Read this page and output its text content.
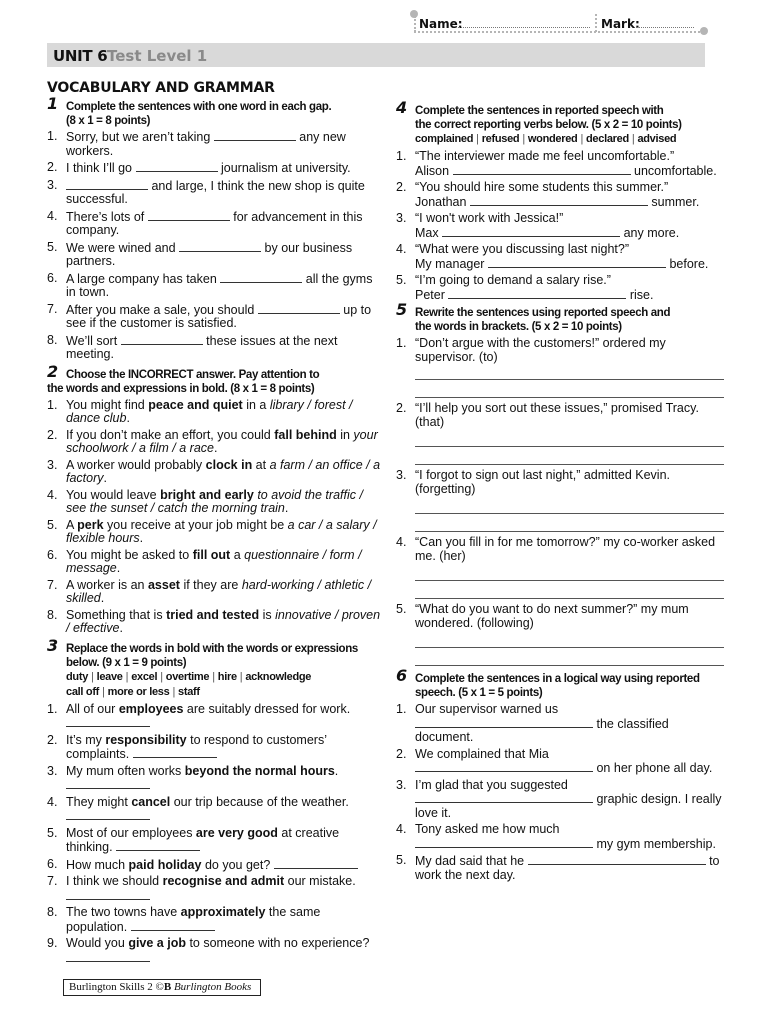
Name:	Mark:
UNIT 6 Test Level 1
VOCABULARY AND GRAMMAR
1 Complete the sentences with one word in each gap.
(8 x 1 = 8 points)
1. Sorry, but we aren’t taking	any new workers.
2. I think I’ll go	journalism at university.
3.	and large, I think the new shop is quite successful.
4. There’s lots of	for advancement in this company.
5. We were wined and	by our business partners.
6. A large company has taken	all the gyms in town.
7. After you make a sale, you should	up to see if the customer is satisfied.
8. We’ll sort	these issues at the next meeting.
2 Choose the INCORRECT answer. Pay attention to
the words and expressions in bold. (8 x 1 = 8 points)
1. You might find peace and quiet in a library / forest / dance club.
2. If you don’t make an effort, you could fall behind in your schoolwork / a film / a race.
3. A worker would probably clock in at a farm / an office / a factory.
4. You would leave bright and early to avoid the traffic / see the sunset / catch the morning train.
5. A perk you receive at your job might be a car / a salary / flexible hours.
6. You might be asked to fill out a questionnaire / form / message.
7. A worker is an asset if they are hard-working / athletic / skilled.
8. Something that is tried and tested is innovative / proven / effective.
3 Replace the words in bold with the words or expressions
below. (9 x 1 = 9 points)
duty | leave | excel | overtime | hire | acknowledge
call off | more or less | staff
1. All of our employees are suitably dressed for work.

2. It’s my responsibility to respond to customers’ complaints.
3. My mum often works beyond the normal hours.

4. They might cancel our trip because of the weather.

5. Most of our employees are very good at creative thinking.
6. How much paid holiday do you get?
7. I think we should recognise and admit our mistake.

8. The two towns have approximately the same population.
9. Would you give a job to someone with no experience?

4 Complete the sentences in reported speech with
the correct reporting verbs below. (5 x 2 = 10 points)
complained | refused | wondered | declared | advised
1. “The interviewer made me feel uncomfortable.”
Alison	uncomfortable.
2. “You should hire some students this summer.”
Jonathan	summer.
3. “I won't work with Jessica!”
Max	any more.
4. “What were you discussing last night?”
My manager	before.
5. “I’m going to demand a salary rise.”
Peter	rise.
5 Rewrite the sentences using reported speech and
the words in brackets. (5 x 2 = 10 points)
1. “Don’t argue with the customers!” ordered my supervisor. (to)
2. “I’ll help you sort out these issues,” promised Tracy. (that)
3. “I forgot to sign out last night,” admitted Kevin. (forgetting)
4. “Can you fill in for me tomorrow?” my co-worker asked me. (her)
5. “What do you want to do next summer?” my mum wondered. (following)
6 Complete the sentences in a logical way using reported
speech. (5 x 1 = 5 points)
1. Our supervisor warned us
the classified
document.
2. We complained that Mia
on her phone all day.
3. I’m glad that you suggested
graphic design. I really
love it.
4. Tony asked me how much
my gym membership.
5. My dad said that he	to
work the next day.
Burlington Skills 2 ©B Burlington Books
